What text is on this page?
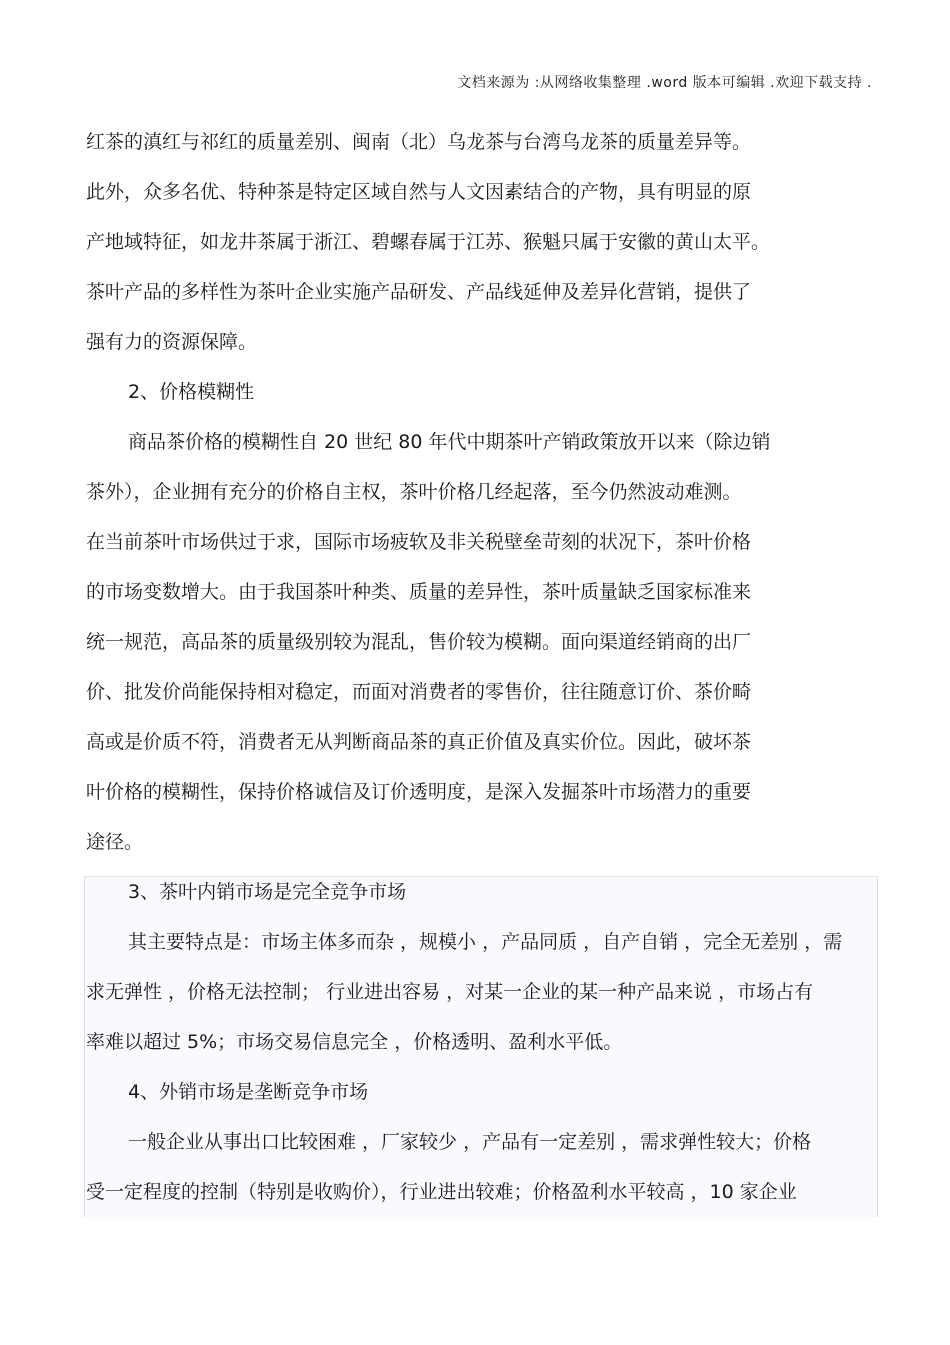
文档来源为 :从网络收集整理 .word 版本可编辑 .欢迎下载支持 .
红茶的滇红与祁红的质量差别、闽南（北）乌龙茶与台湾乌龙茶的质量差异等。
此外，众多名优、特种茶是特定区域自然与人文因素结合的产物，具有明显的原
产地域特征，如龙井茶属于浙江、碧螺春属于江苏、猴魁只属于安徽的黄山太平。
茶叶产品的多样性为茶叶企业实施产品研发、产品线延伸及差异化营销，提供了
强有力的资源保障。
2、价格模糊性
商品茶价格的模糊性自 20 世纪 80 年代中期茶叶产销政策放开以来（除边销
茶外），企业拥有充分的价格自主权，茶叶价格几经起落，至今仍然波动难测。
在当前茶叶市场供过于求，国际市场疲软及非关税壁垒苛刻的状况下，茶叶价格
的市场变数增大。由于我国茶叶种类、质量的差异性，茶叶质量缺乏国家标准来
统一规范，高品茶的质量级别较为混乱，售价较为模糊。面向渠道经销商的出厂
价、批发价尚能保持相对稳定，而面对消费者的零售价，往往随意订价、茶价畸
高或是价质不符，消费者无从判断商品茶的真正价值及真实价位。因此，破坏茶
叶价格的模糊性，保持价格诚信及订价透明度，是深入发掘茶叶市场潜力的重要
途径。
3、茶叶内销市场是完全竞争市场
其主要特点是：市场主体多而杂 ，规模小 ，产品同质 ，自产自销 ，完全无差别 ，需
求无弹性 ，价格无法控制； 行业进出容易 ，对某一企业的某一种产品来说 ，市场占有
率难以超过 5%；市场交易信息完全 ，价格透明、盈利水平低。
4、外销市场是垄断竞争市场
一般企业从事出口比较困难 ，厂家较少 ，产品有一定差别 ，需求弹性较大；价格
受一定程度的控制（特别是收购价），行业进出较难；价格盈利水平较高 ，10 家企业
